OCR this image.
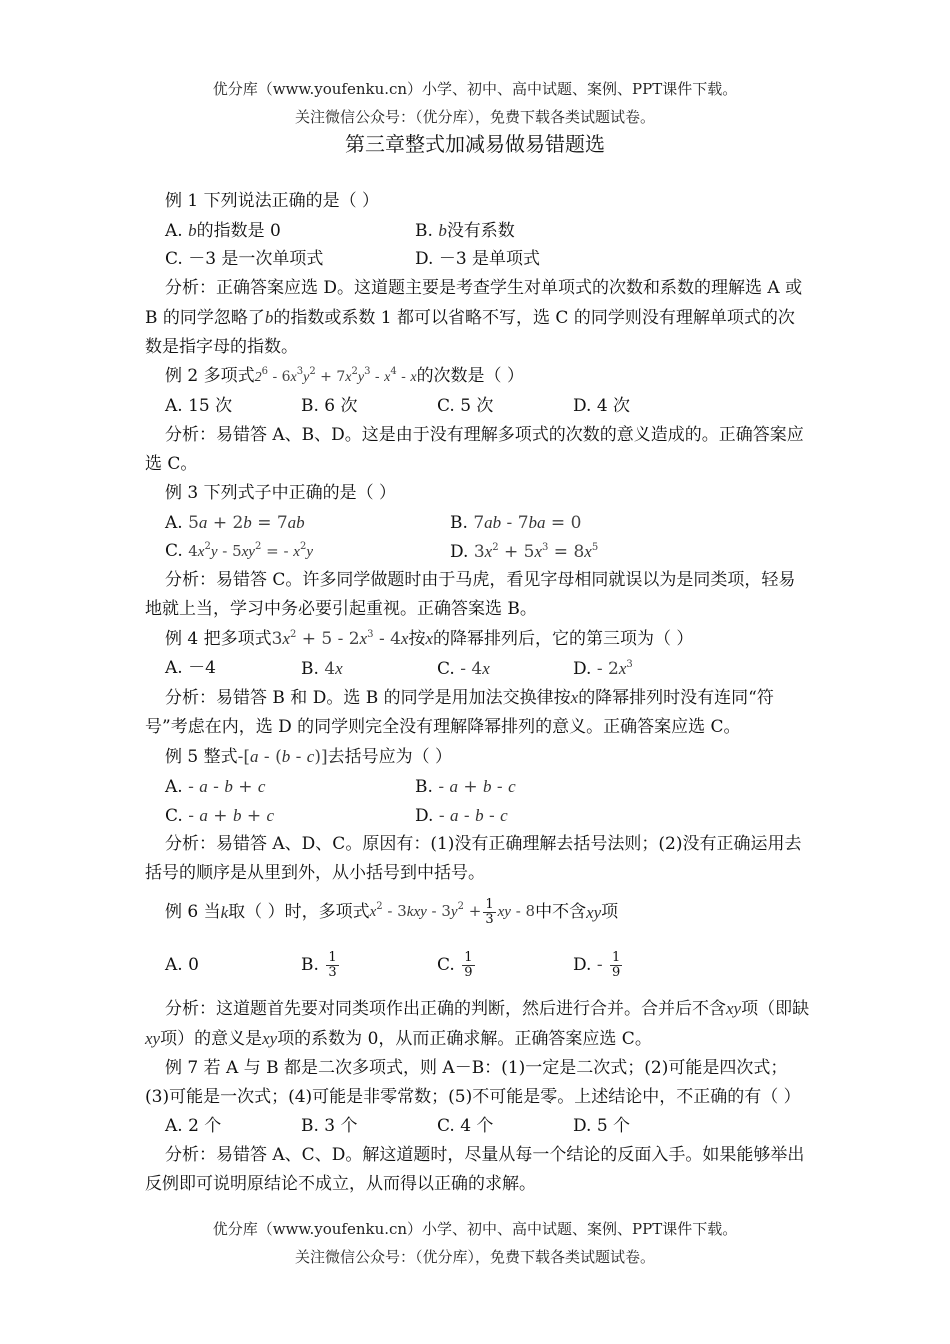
优分库（www.youfenku.cn）小学、初中、高中试题、案例、PPT课件下载。
关注微信公众号：（优分库），免费下载各类试题试卷。
第三章整式加减易做易错题选

例 1 下列说法正确的是（ ）

A. b的指数是 0	B. b没有系数
C. －3 是一次单项式	D. －3 是单项式

分析：正确答案应选 D。这道题主要是考查学生对单项式的次数和系数的理解选 A 或 B 的同学忽略了b的指数或系数 1 都可以省略不写，选 C 的同学则没有理解单项式的次数是指字母的指数。

例 2 多项式$2^6 - 6x^3y^2 + 7x^2y^3 - x^4 - x$的次数是（ ）

A. 15 次	B. 6 次	C. 5 次	D. 4 次

分析：易错答 A、B、D。这是由于没有理解多项式的次数的意义造成的。正确答案应选 C。

例 3 下列式子中正确的是（ ）

A. 5a + 2b = 7ab	B. 7ab - 7ba = 0
C. $4x^2y - 5xy^2$ = - $x^2y$	D. $3x^2 + 5x^3 = 8x^5$

分析：易错答 C。许多同学做题时由于马虎，看见字母相同就误以为是同类项，轻易地就上当，学习中务必要引起重视。正确答案选 B。

例 4 把多项式$3x^2 + 5 - 2x^3 - 4x$按x的降幂排列后，它的第三项为（ ）

A. －4	B. 4x	C. - 4x	D. - $2x^3$

分析：易错答 B 和 D。选 B 的同学是用加法交换律按x的降幂排列时没有连同“符号”考虑在内，选 D 的同学则完全没有理解降幂排列的意义。正确答案应选 C。

例 5 整式-[a - (b - c)]去括号应为（ ）

A. - a - b + c	B. - a + b - c
C. - a + b + c	D. - a - b - c

分析：易错答 A、D、C。原因有：(1)没有正确理解去括号法则；(2)没有正确运用去括号的顺序是从里到外，从小括号到中括号。

例 6 当 k 取（ ）时，多项式 $x^2 - 3kxy - 3y^2 + \frac{1}{3}$ xy - 8 中不含 xy 项
A. 0	B. $\frac{1}{3}$	C. $\frac{1}{9}$	D. - $\frac{1}{9}$

分析：这道题首先要对同类项作出正确的判断，然后进行合并。合并后不含xy项（即缺xy项）的意义是xy项的系数为 0，从而正确求解。正确答案应选 C。

例 7 若 A 与 B 都是二次多项式，则 A－B：(1)一定是二次式；(2)可能是四次式；(3)可能是一次式；(4)可能是非零常数；(5)不可能是零。上述结论中，不正确的有（ ）

A. 2 个	B. 3 个	C. 4 个	D. 5 个

分析：易错答 A、C、D。解这道题时，尽量从每一个结论的反面入手。如果能够举出反例即可说明原结论不成立，从而得以正确的求解。

优分库（www.youfenku.cn）小学、初中、高中试题、案例、PPT课件下载。
关注微信公众号：（优分库），免费下载各类试题试卷。
